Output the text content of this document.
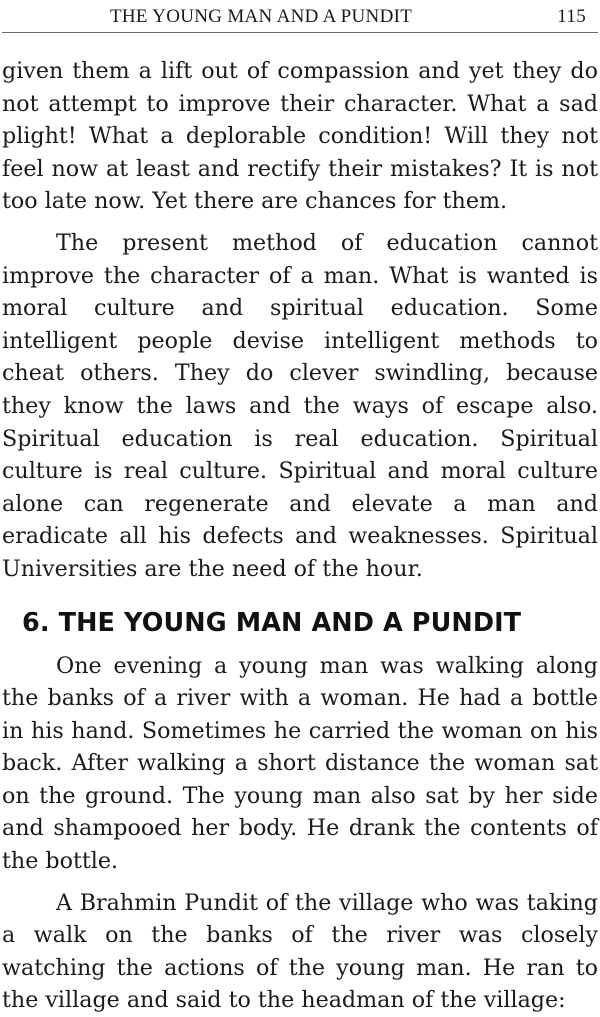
THE YOUNG MAN AND A PUNDIT	115

given them a lift out of compassion and yet they do not attempt to improve their character. What a sad plight! What a deplorable condition! Will they not feel now at least and rectify their mistakes? It is not too late now. Yet there are chances for them.

The present method of education cannot improve the character of a man. What is wanted is moral culture and spiritual education. Some intelligent people devise intelligent methods to cheat others. They do clever swindling, because they know the laws and the ways of escape also. Spiritual education is real education. Spiritual culture is real culture. Spiritual and moral culture alone can regenerate and elevate a man and eradicate all his defects and weaknesses. Spiritual Universities are the need of the hour.

6. THE YOUNG MAN AND A PUNDIT

One evening a young man was walking along the banks of a river with a woman. He had a bottle in his hand. Sometimes he carried the woman on his back. After walking a short distance the woman sat on the ground. The young man also sat by her side and shampooed her body. He drank the contents of the bottle.

A Brahmin Pundit of the village who was taking a walk on the banks of the river was closely watching the actions of the young man. He ran to the village and said to the headman of the village:
